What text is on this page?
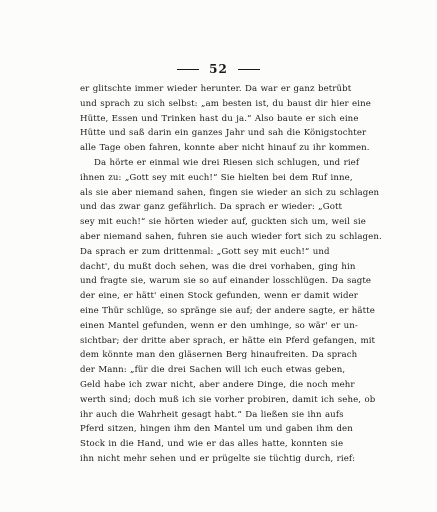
52
er glitschte immer wieder herunter. Da war er ganz betrübt
und sprach zu sich selbst: „am besten ist, du baust dir hier eine
Hütte, Essen und Trinken hast du ja.“ Also baute er sich eine
Hütte und saß darin ein ganzes Jahr und sah die Königstochter
alle Tage oben fahren, konnte aber nicht hinauf zu ihr kommen.
Da hörte er einmal wie drei Riesen sich schlugen, und rief
ihnen zu: „Gott sey mit euch!“ Sie hielten bei dem Ruf inne,
als sie aber niemand sahen, fingen sie wieder an sich zu schlagen
und das zwar ganz gefährlich. Da sprach er wieder: „Gott
sey mit euch!“ sie hörten wieder auf, guckten sich um, weil sie
aber niemand sahen, fuhren sie auch wieder fort sich zu schlagen.
Da sprach er zum drittenmal: „Gott sey mit euch!“ und
dacht', du mußt doch sehen, was die drei vorhaben, ging hin
und fragte sie, warum sie so auf einander losschlügen. Da sagte
der eine, er hätt' einen Stock gefunden, wenn er damit wider
eine Thür schlüge, so spränge sie auf; der andere sagte, er hätte
einen Mantel gefunden, wenn er den umhinge, so wär' er un-
sichtbar; der dritte aber sprach, er hätte ein Pferd gefangen, mit
dem könnte man den gläsernen Berg hinaufreiten. Da sprach
der Mann: „für die drei Sachen will ich euch etwas geben,
Geld habe ich zwar nicht, aber andere Dinge, die noch mehr
werth sind; doch muß ich sie vorher probiren, damit ich sehe, ob
ihr auch die Wahrheit gesagt habt.“ Da ließen sie ihn aufs
Pferd sitzen, hingen ihm den Mantel um und gaben ihm den
Stock in die Hand, und wie er das alles hatte, konnten sie
ihn nicht mehr sehen und er prügelte sie tüchtig durch, rief:
